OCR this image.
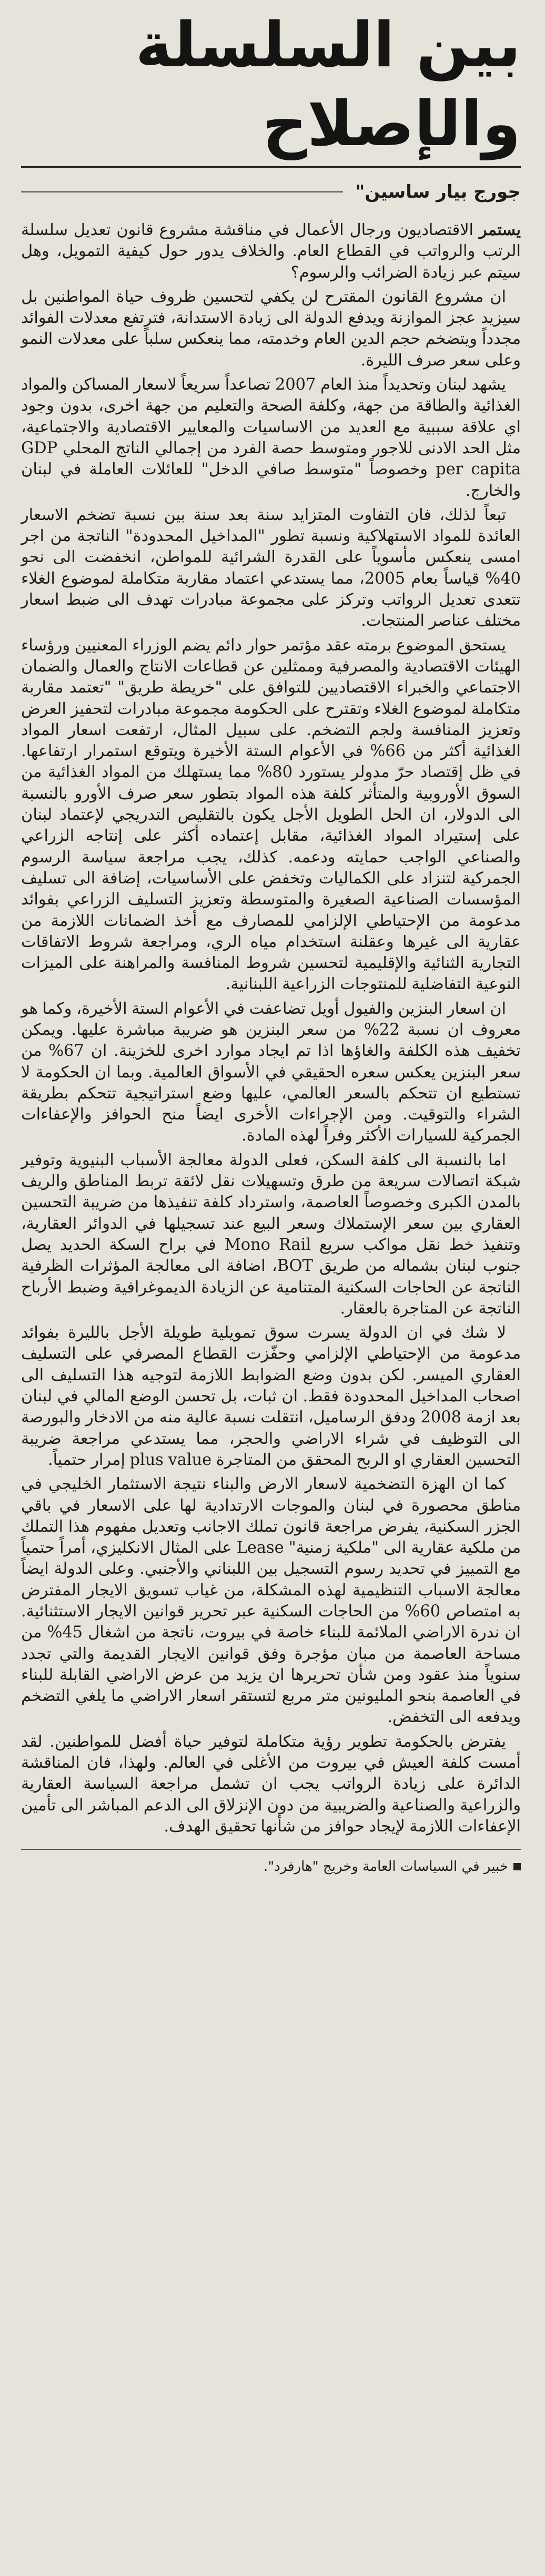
بين السلسلة والإصلاح
جورج بيار ساسين"

يستمر الاقتصاديون ورجال الأعمال في مناقشة مشروع قانون تعديل سلسلة الرتب والرواتب في القطاع العام. والخلاف يدور حول كيفية التمويل، وهل سيتم عبر زيادة الضرائب والرسوم؟

ان مشروع القانون المقترح لن يكفي لتحسين ظروف حياة المواطنين بل سيزيد عجز الموازنة ويدفع الدولة الى زيادة الاستدانة، فترتفع معدلات الفوائد مجدداً ويتضخم حجم الدين العام وخدمته، مما ينعكس سلباً على معدلات النمو وعلى سعر صرف الليرة.

يشهد لبنان وتحديداً منذ العام 2007 تصاعداً سريعاً لاسعار المساكن والمواد الغذائية والطاقة من جهة، وكلفة الصحة والتعليم من جهة اخرى، بدون وجود اي علاقة سببية مع العديد من الاساسيات والمعايير الاقتصادية والاجتماعية، مثل الحد الادنى للاجور ومتوسط حصة الفرد من إجمالي الناتج المحلي GDP per capita وخصوصاً "متوسط صافي الدخل" للعائلات العاملة في لبنان والخارج.

تبعاً لذلك، فان التفاوت المتزايد سنة بعد سنة بين نسبة تضخم الاسعار العائدة للمواد الاستهلاكية ونسبة تطور "المداخيل المحدودة" الناتجة من اجر امسى ينعكس مأسوياً على القدرة الشرائية للمواطن، انخفضت الى نحو 40% قياساً بعام 2005، مما يستدعي اعتماد مقاربة متكاملة لموضوع الغلاء تتعدى تعديل الرواتب وتركز على مجموعة مبادرات تهدف الى ضبط اسعار مختلف عناصر المنتجات.

يستحق الموضوع برمته عقد مؤتمر حوار دائم يضم الوزراء المعنيين ورؤساء الهيئات الاقتصادية والمصرفية وممثلين عن قطاعات الانتاج والعمال والضمان الاجتماعي والخبراء الاقتصاديين للتوافق على "خريطة طريق" "تعتمد مقاربة متكاملة لموضوع الغلاء وتقترح على الحكومة مجموعة مبادرات لتحفيز العرض وتعزيز المنافسة ولجم التضخم. على سبيل المثال، ارتفعت اسعار المواد الغذائية أكثر من 66% في الأعوام الستة الأخيرة ويتوقع استمرار ارتفاعها. في ظل إقتصاد حرّ مدولر يستورد 80% مما يستهلك من المواد الغذائية من السوق الأوروبية والمتأثر كلفة هذه المواد بتطور سعر صرف الأورو بالنسبة الى الدولار، ان الحل الطويل الأجل يكون بالتقليص التدريجي لإعتماد لبنان على إستيراد المواد الغذائية، مقابل إعتماده أكثر على إنتاجه الزراعي والصناعي الواجب حمايته ودعمه. كذلك، يجب مراجعة سياسة الرسوم الجمركية لتنزاد على الكماليات وتخفض على الأساسيات، إضافة الى تسليف المؤسسات الصناعية الصغيرة والمتوسطة وتعزيز التسليف الزراعي بفوائد مدعومة من الإحتياطي الإلزامي للمصارف مع أخذ الضمانات اللازمة من عقارية الى غيرها وعقلنة استخدام مياه الري، ومراجعة شروط الاتفاقات التجارية الثنائية والإقليمية لتحسين شروط المنافسة والمراهنة على الميزات النوعية التفاضلية للمنتوجات الزراعية اللبنانية.

ان اسعار البنزين والفيول أويل تضاعفت في الأعوام الستة الأخيرة، وكما هو معروف ان نسبة 22% من سعر البنزين هو ضريبة مباشرة عليها. ويمكن تخفيف هذه الكلفة والغاؤها اذا تم ايجاد موارد اخرى للخزينة. ان 67% من سعر البنزين يعكس سعره الحقيقي في الأسواق العالمية. وبما ان الحكومة لا تستطيع ان تتحكم بالسعر العالمي، عليها وضع استراتيجية تتحكم بطريقة الشراء والتوقيت. ومن الإجراءات الأخرى ايضاً منح الحوافز والإعفاءات الجمركية للسيارات الأكثر وفراً لهذه المادة.

اما بالنسبة الى كلفة السكن، فعلى الدولة معالجة الأسباب البنيوية وتوفير شبكة اتصالات سريعة من طرق وتسهيلات نقل لائقة تربط المناطق والريف بالمدن الكبرى وخصوصاً العاصمة، واسترداد كلفة تنفيذها من ضريبة التحسين العقاري بين سعر الإستملاك وسعر البيع عند تسجيلها في الدوائر العقارية، وتنفيذ خط نقل مواكب سريع Mono Rail في براح السكة الحديد يصل جنوب لبنان بشماله من طريق BOT، اضافة الى معالجة المؤثرات الظرفية الناتجة عن الحاجات السكنية المتنامية عن الزيادة الديموغرافية وضبط الأرباح الناتجة عن المتاجرة بالعقار.

لا شك في ان الدولة يسرت سوق تمويلية طويلة الأجل بالليرة بفوائد مدعومة من الإحتياطي الإلزامي وحفّزت القطاع المصرفي على التسليف العقاري الميسر. لكن بدون وضع الضوابط اللازمة لتوجيه هذا التسليف الى اصحاب المداخيل المحدودة فقط. ان ثبات، بل تحسن الوضع المالي في لبنان بعد ازمة 2008 ودفق الرساميل، انتقلت نسبة عالية منه من الادخار والبورصة الى التوظيف في شراء الاراضي والحجر، مما يستدعي مراجعة ضريبة التحسين العقاري او الربح المحقق من المتاجرة plus value إمرار حتمياً.

كما ان الهزة التضخمية لاسعار الارض والبناء نتيجة الاستثمار الخليجي في مناطق محصورة في لبنان والموجات الارتدادية لها على الاسعار في باقي الجزر السكنية، يفرض مراجعة قانون تملك الاجانب وتعديل مفهوم هذا التملك من ملكية عقارية الى "ملكية زمنية" Lease على المثال الانكليزي، أمراً حتمياً مع التمييز في تحديد رسوم التسجيل بين اللبناني والأجنبي. وعلى الدولة ايضاً معالجة الاسباب التنظيمية لهذه المشكلة، من غياب تسويق الايجار المفترض به امتصاص 60% من الحاجات السكنية عبر تحرير قوانين الايجار الاستثنائية. ان ندرة الاراضي الملائمة للبناء خاصة في بيروت، ناتجة من اشغال 45% من مساحة العاصمة من مبان مؤجرة وفق قوانين الايجار القديمة والتي تجدد سنوياً منذ عقود ومن شأن تحريرها ان يزيد من عرض الاراضي القابلة للبناء في العاصمة بنحو المليونين متر مربع لتستقر اسعار الاراضي ما يلغي التضخم ويدفعه الى التخفض.

يفترض بالحكومة تطوير رؤية متكاملة لتوفير حياة أفضل للمواطنين. لقد أمست كلفة العيش في بيروت من الأغلى في العالم. ولهذا، فان المناقشة الدائرة على زيادة الرواتب يجب ان تشمل مراجعة السياسة العقارية والزراعية والصناعية والضريبية من دون الإنزلاق الى الدعم المباشر الى تأمين الإعفاءات اللازمة لإيجاد حوافز من شأنها تحقيق الهدف.

خبير في السياسات العامة وخريج "هارفرد".
